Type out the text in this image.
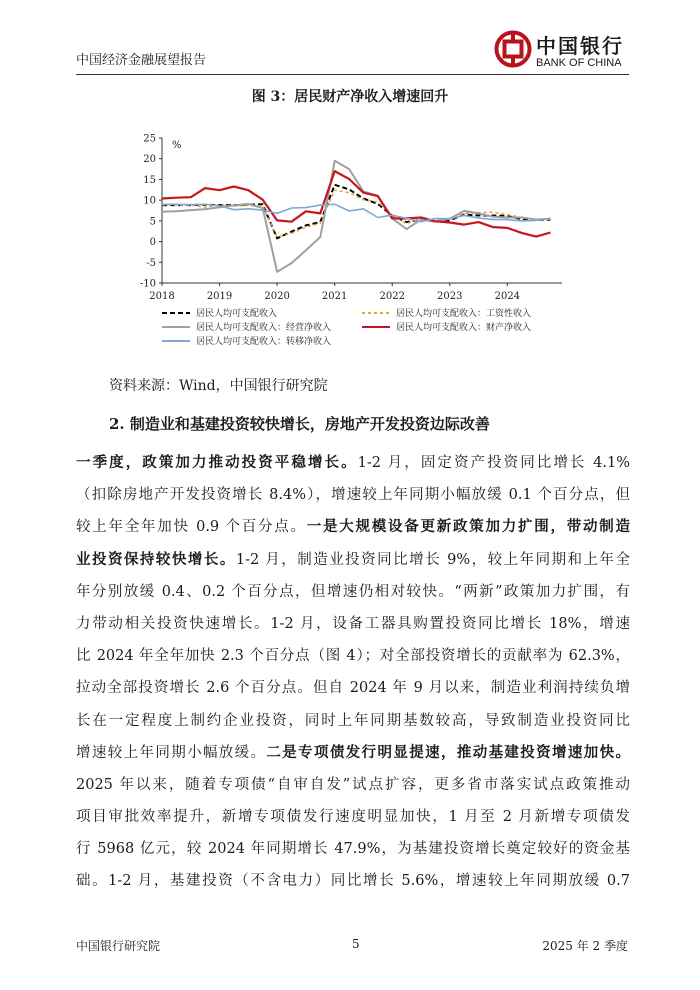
中国经济金融展望报告
中国银行
BANK OF CHINA
图 3：居民财产净收入增速回升
25
20
15
10
5
0
-5
-10
%
2018	2019	2020	2021	2022	2023	2024
居民人均可支配收入	居民人均可支配收入：工资性收入
居民人均可支配收入：经营净收入	居民人均可支配收入：财产净收入
居民人均可支配收入：转移净收入
资料来源：Wind，中国银行研究院
2. 制造业和基建投资较快增长，房地产开发投资边际改善
一季度，政策加力推动投资平稳增长。1-2 月，固定资产投资同比增长 4.1%
（扣除房地产开发投资增长 8.4%），增速较上年同期小幅放缓 0.1 个百分点，但
较上年全年加快 0.9 个百分点。一是大规模设备更新政策加力扩围，带动制造
业投资保持较快增长。1-2 月，制造业投资同比增长 9%，较上年同期和上年全
年分别放缓 0.4、0.2 个百分点，但增速仍相对较快。“两新”政策加力扩围，有
力带动相关投资快速增长。1-2 月，设备工器具购置投资同比增长 18%，增速
比 2024 年全年加快 2.3 个百分点（图 4）；对全部投资增长的贡献率为 62.3%，
拉动全部投资增长 2.6 个百分点。但自 2024 年 9 月以来，制造业利润持续负增
长在一定程度上制约企业投资，同时上年同期基数较高，导致制造业投资同比
增速较上年同期小幅放缓。二是专项债发行明显提速，推动基建投资增速加快。
2025 年以来，随着专项债“自审自发”试点扩容，更多省市落实试点政策推动
项目审批效率提升，新增专项债发行速度明显加快，1 月至 2 月新增专项债发
行 5968 亿元，较 2024 年同期增长 47.9%，为基建投资增长奠定较好的资金基
础。1-2 月，基建投资（不含电力）同比增长 5.6%，增速较上年同期放缓 0.7
中国银行研究院	5	2025 年 2 季度
